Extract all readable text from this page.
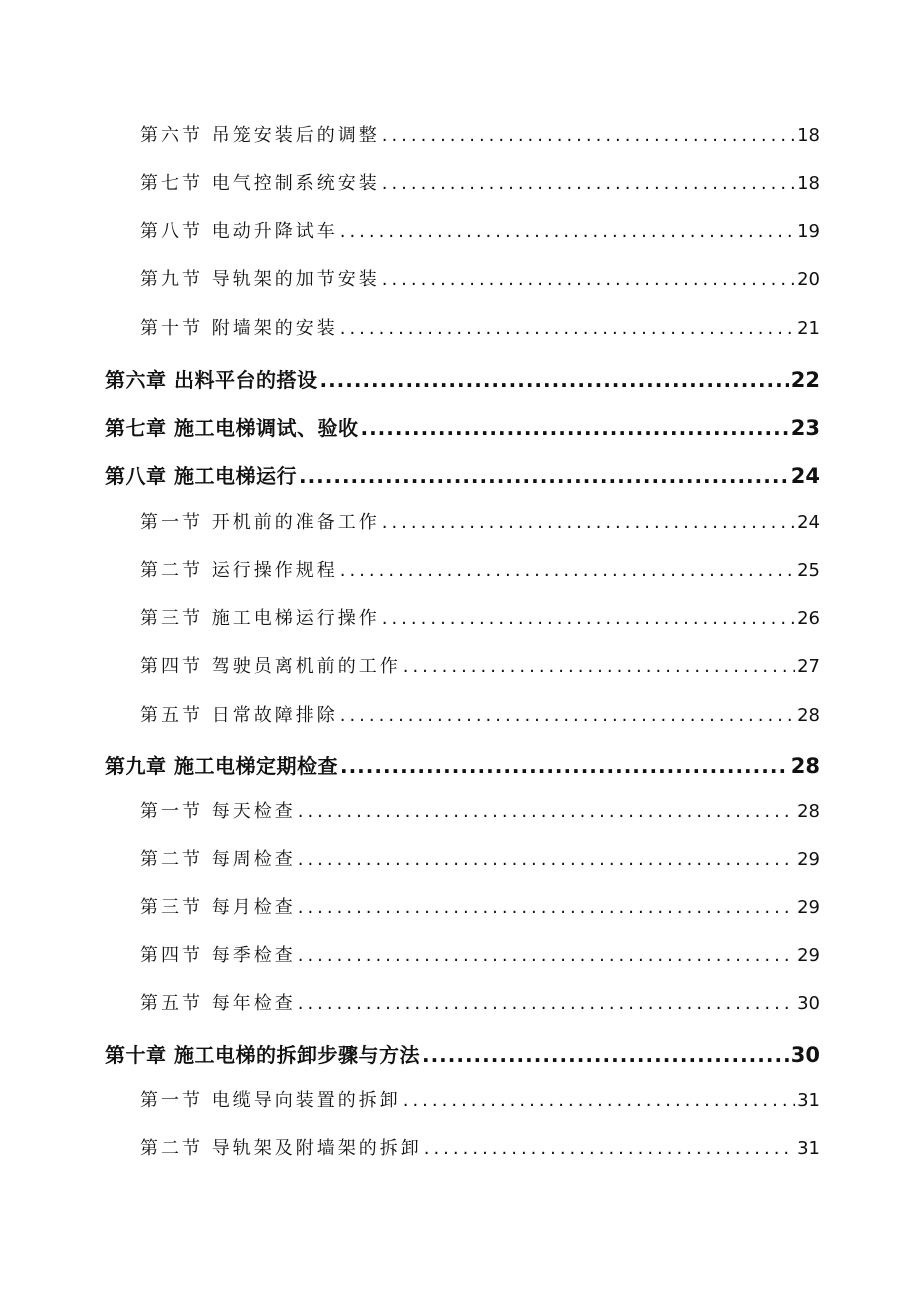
第六节 吊笼安装后的调整 .....	18
第七节 电气控制系统安装 .....	18
第八节 电动升降试车 .....	19
第九节 导轨架的加节安装 .....	20
第十节 附墙架的安装 .....	21
第六章 出料平台的搭设 .....	22
第七章 施工电梯调试、验收 .....	23
第八章 施工电梯运行 .....	24
第一节 开机前的准备工作 .....	24
第二节 运行操作规程 .....	25
第三节 施工电梯运行操作 .....	26
第四节 驾驶员离机前的工作 .....	27
第五节 日常故障排除 .....	28
第九章 施工电梯定期检查 .....	28
第一节 每天检查 .....	28
第二节 每周检查 .....	29
第三节 每月检查 .....	29
第四节 每季检查 .....	29
第五节 每年检查 .....	30
第十章 施工电梯的拆卸步骤与方法 .....	30
第一节 电缆导向装置的拆卸 .....	31
第二节 导轨架及附墙架的拆卸 .....	31
